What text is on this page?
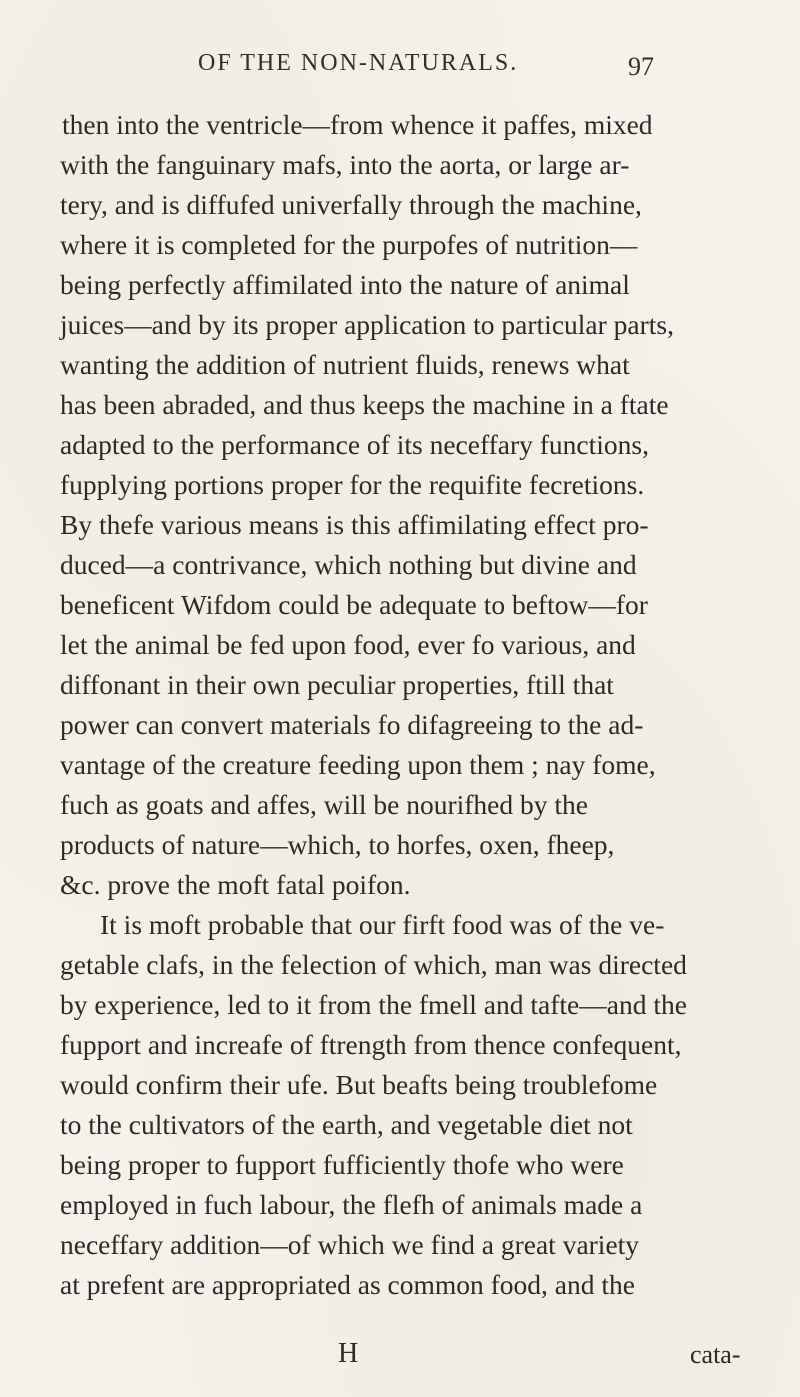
OF THE NON-NATURALS.	97
then into the ventricle—from whence it paffes, mixed
with the fanguinary mafs, into the aorta, or large ar-
tery, and is diffufed univerfally through the machine,
where it is completed for the purpofes of nutrition—
being perfectly affimilated into the nature of animal
juices—and by its proper application to particular parts,
wanting the addition of nutrient fluids, renews what
has been abraded, and thus keeps the machine in a ftate
adapted to the performance of its neceffary functions,
fupplying portions proper for the requifite fecretions.
By thefe various means is this affimilating effect pro-
duced—a contrivance, which nothing but divine and
beneficent Wifdom could be adequate to beftow—for
let the animal be fed upon food, ever fo various, and
diffonant in their own peculiar properties, ftill that
power can convert materials fo difagreeing to the ad-
vantage of the creature feeding upon them ; nay fome,
fuch as goats and affes, will be nourifhed by the
products of nature—which, to horfes, oxen, fheep,
&c. prove the moft fatal poifon.
It is moft probable that our firft food was of the ve-
getable clafs, in the felection of which, man was directed
by experience, led to it from the fmell and tafte—and the
fupport and increafe of ftrength from thence confequent,
would confirm their ufe. But beafts being troublefome
to the cultivators of the earth, and vegetable diet not
being proper to fupport fufficiently thofe who were
employed in fuch labour, the flefh of animals made a
neceffary addition—of which we find a great variety
at prefent are appropriated as common food, and the
H	cata-
